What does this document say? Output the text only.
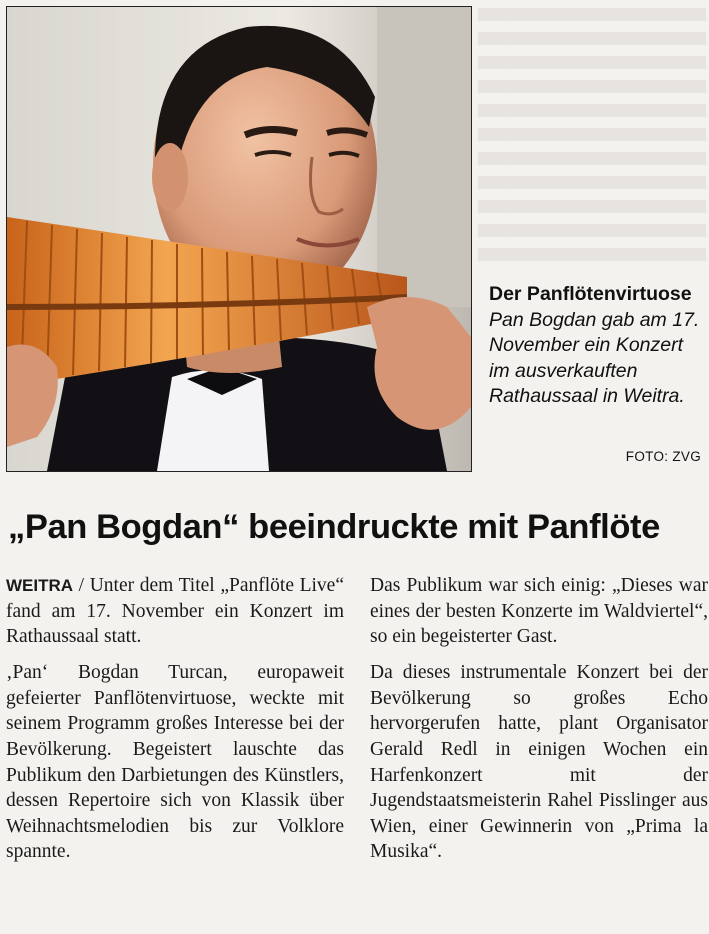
Der Panflötenvirtuose Pan Bogdan gab am 17. November ein Konzert im ausverkauften Rathaussaal in Weitra.
FOTO: ZVG
„Pan Bogdan“ beeindruckte mit Panflöte

WEITRA / Unter dem Titel „Panflöte Live“ fand am 17. November ein Konzert im Rathaussaal statt.

‚Pan‘ Bogdan Turcan, europaweit gefeierter Panflötenvirtuose, weckte mit seinem Programm großes Interesse bei der Bevölkerung. Begeistert lauschte das Publikum den Darbietungen des Künstlers, dessen Repertoire sich von Klassik über Weihnachtsmelodien bis zur Volklore spannte.

Das Publikum war sich einig: „Dieses war eines der besten Konzerte im Waldviertel“, so ein begeisterter Gast.

Da dieses instrumentale Konzert bei der Bevölkerung so großes Echo hervorgerufen hatte, plant Organisator Gerald Redl in einigen Wochen ein Harfenkonzert mit der Jugendstaatsmeisterin Rahel Pisslinger aus Wien, einer Gewinnerin von „Prima la Musika“.
